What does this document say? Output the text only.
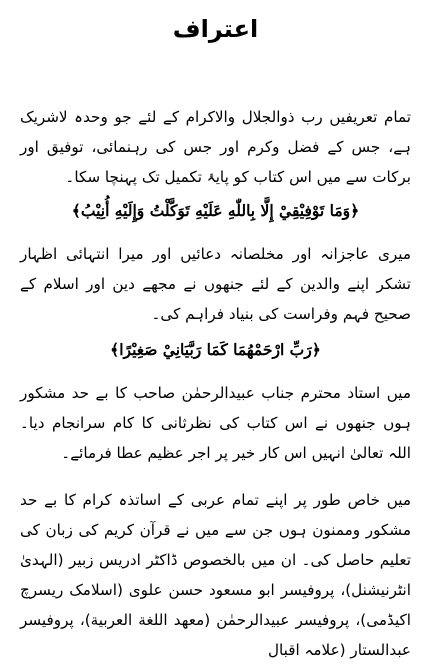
اعتراف

تمام تعریفیں رب ذوالجلال والاکرام کے لئے جو وحدہ لاشریک ہے، جس کے فضل وکرم اور جس کی رہنمائی، توفیق اور برکات سے میں اس کتاب کو پایۂ تکمیل تک پہنچا سکا۔

﴿وَمَا تَوْفِيْقِيْ إِلَّا بِاللّٰهِ عَلَيْهِ تَوَكَّلْتُ وَإِلَيْهِ أُنِيْبُ﴾

میری عاجزانہ اور مخلصانہ دعائیں اور میرا انتہائی اظہار تشکر اپنے والدین کے لئے جنھوں نے مجھے دین اور اسلام کے صحیح فہم وفراست کی بنیاد فراہم کی۔

﴿رَبِّ ارْحَمْهُمَا كَمَا رَبَّيَانِيْ صَغِيْرًا﴾

میں استاد محترم جناب عبیدالرحمٰن صاحب کا بے حد مشکور ہوں جنھوں نے اس کتاب کی نظرثانی کا کام سرانجام دیا۔ اللہ تعالیٰ انہیں اس کار خیر پر اجر عظیم عطا فرمائے۔

میں خاص طور پر اپنے تمام عربی کے اساتذہ کرام کا بے حد مشکور وممنون ہوں جن سے میں نے قرآن کریم کی زبان کی تعلیم حاصل کی۔ ان میں بالخصوص ڈاکٹر ادریس زبیر (الہدیٰ انٹرنیشنل)، پروفیسر ابو مسعود حسن علوی (اسلامک ریسرچ اکیڈمی)، پروفیسر عبیدالرحمٰن (معهد اللغة العربية)، پروفیسر عبدالستار (علامہ اقبال
